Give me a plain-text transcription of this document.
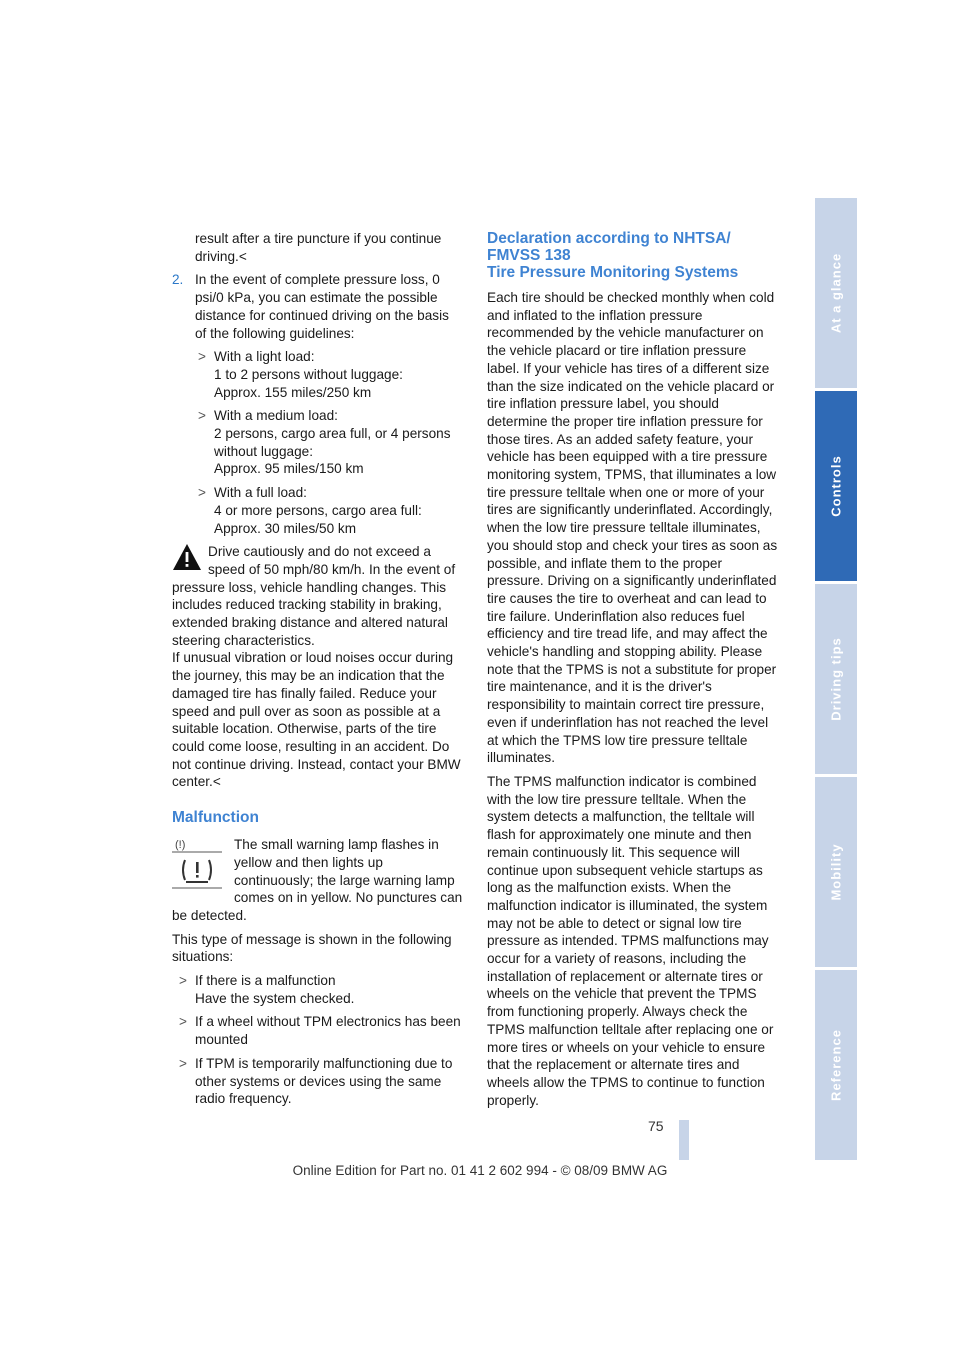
result after a tire puncture if you continue driving.<

2. In the event of complete pressure loss, 0 psi/0 kPa, you can estimate the possible distance for continued driving on the basis of the following guidelines:

> With a light load:
1 to 2 persons without luggage:
Approx. 155 miles/250 km
> With a medium load:
2 persons, cargo area full, or 4 persons without luggage:
Approx. 95 miles/150 km
> With a full load:
4 or more persons, cargo area full:
Approx. 30 miles/50 km

Drive cautiously and do not exceed a speed of 50 mph/80 km/h. In the event of pressure loss, vehicle handling changes. This includes reduced tracking stability in braking, extended braking distance and altered natural steering characteristics.

If unusual vibration or loud noises occur during the journey, this may be an indication that the damaged tire has finally failed. Reduce your speed and pull over as soon as possible at a suitable location. Otherwise, parts of the tire could come loose, resulting in an accident. Do not continue driving. Instead, contact your BMW center.<

Malfunction
(!)	The small warning lamp flashes in yellow and then lights up continuously; the large warning lamp comes on in yellow. No punctures can be detected.

This type of message is shown in the following situations:

> If there is a malfunction
Have the system checked.
> If a wheel without TPM electronics has been mounted
> If TPM is temporarily malfunctioning due to other systems or devices using the same radio frequency.
Declaration according to NHTSA/ FMVSS 138
Tire Pressure Monitoring Systems

Each tire should be checked monthly when cold and inflated to the inflation pressure recommended by the vehicle manufacturer on the vehicle placard or tire inflation pressure label. If your vehicle has tires of a different size than the size indicated on the vehicle placard or tire inflation pressure label, you should determine the proper tire inflation pressure for those tires. As an added safety feature, your vehicle has been equipped with a tire pressure monitoring system, TPMS, that illuminates a low tire pressure telltale when one or more of your tires are significantly underinflated. Accordingly, when the low tire pressure telltale illuminates, you should stop and check your tires as soon as possible, and inflate them to the proper pressure. Driving on a significantly underinflated tire causes the tire to overheat and can lead to tire failure. Underinflation also reduces fuel efficiency and tire tread life, and may affect the vehicle's handling and stopping ability. Please note that the TPMS is not a substitute for proper tire maintenance, and it is the driver's responsibility to maintain correct tire pressure, even if underinflation has not reached the level at which the TPMS low tire pressure telltale illuminates.

The TPMS malfunction indicator is combined with the low tire pressure telltale. When the system detects a malfunction, the telltale will flash for approximately one minute and then remain continuously lit. This sequence will continue upon subsequent vehicle startups as long as the malfunction exists. When the malfunction indicator is illuminated, the system may not be able to detect or signal low tire pressure as intended. TPMS malfunctions may occur for a variety of reasons, including the installation of replacement or alternate tires or wheels on the vehicle that prevent the TPMS from functioning properly. Always check the TPMS malfunction telltale after replacing one or more tires or wheels on your vehicle to ensure that the replacement or alternate tires and wheels allow the TPMS to continue to function properly.

At a glance
Controls
Driving tips
Mobility
Reference
75
Online Edition for Part no. 01 41 2 602 994 - © 08/09 BMW AG
